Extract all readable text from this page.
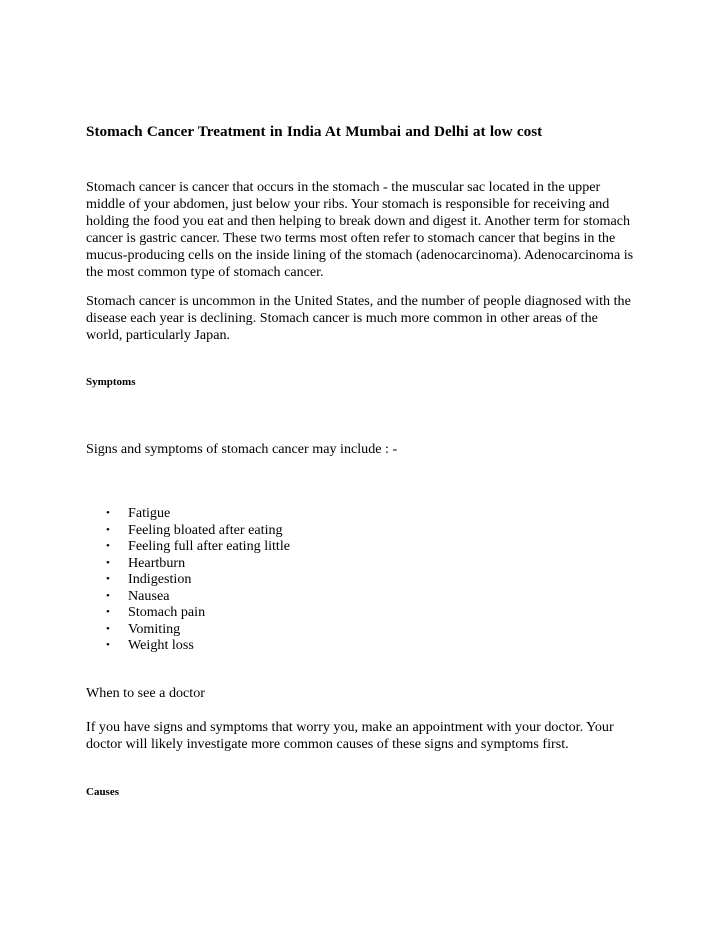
Stomach Cancer Treatment in India At Mumbai and Delhi at low cost

Stomach cancer is cancer that occurs in the stomach - the muscular sac located in the upper
middle of your abdomen, just below your ribs. Your stomach is responsible for receiving and
holding the food you eat and then helping to break down and digest it. Another term for stomach
cancer is gastric cancer. These two terms most often refer to stomach cancer that begins in the
mucus-producing cells on the inside lining of the stomach (adenocarcinoma). Adenocarcinoma is
the most common type of stomach cancer.

Stomach cancer is uncommon in the United States, and the number of people diagnosed with the
disease each year is declining. Stomach cancer is much more common in other areas of the
world, particularly Japan.

Symptoms

Signs and symptoms of stomach cancer may include : -

• Fatigue
• Feeling bloated after eating
• Feeling full after eating little
• Heartburn
• Indigestion
• Nausea
• Stomach pain
• Vomiting
• Weight loss

When to see a doctor

If you have signs and symptoms that worry you, make an appointment with your doctor. Your
doctor will likely investigate more common causes of these signs and symptoms first.

Causes
